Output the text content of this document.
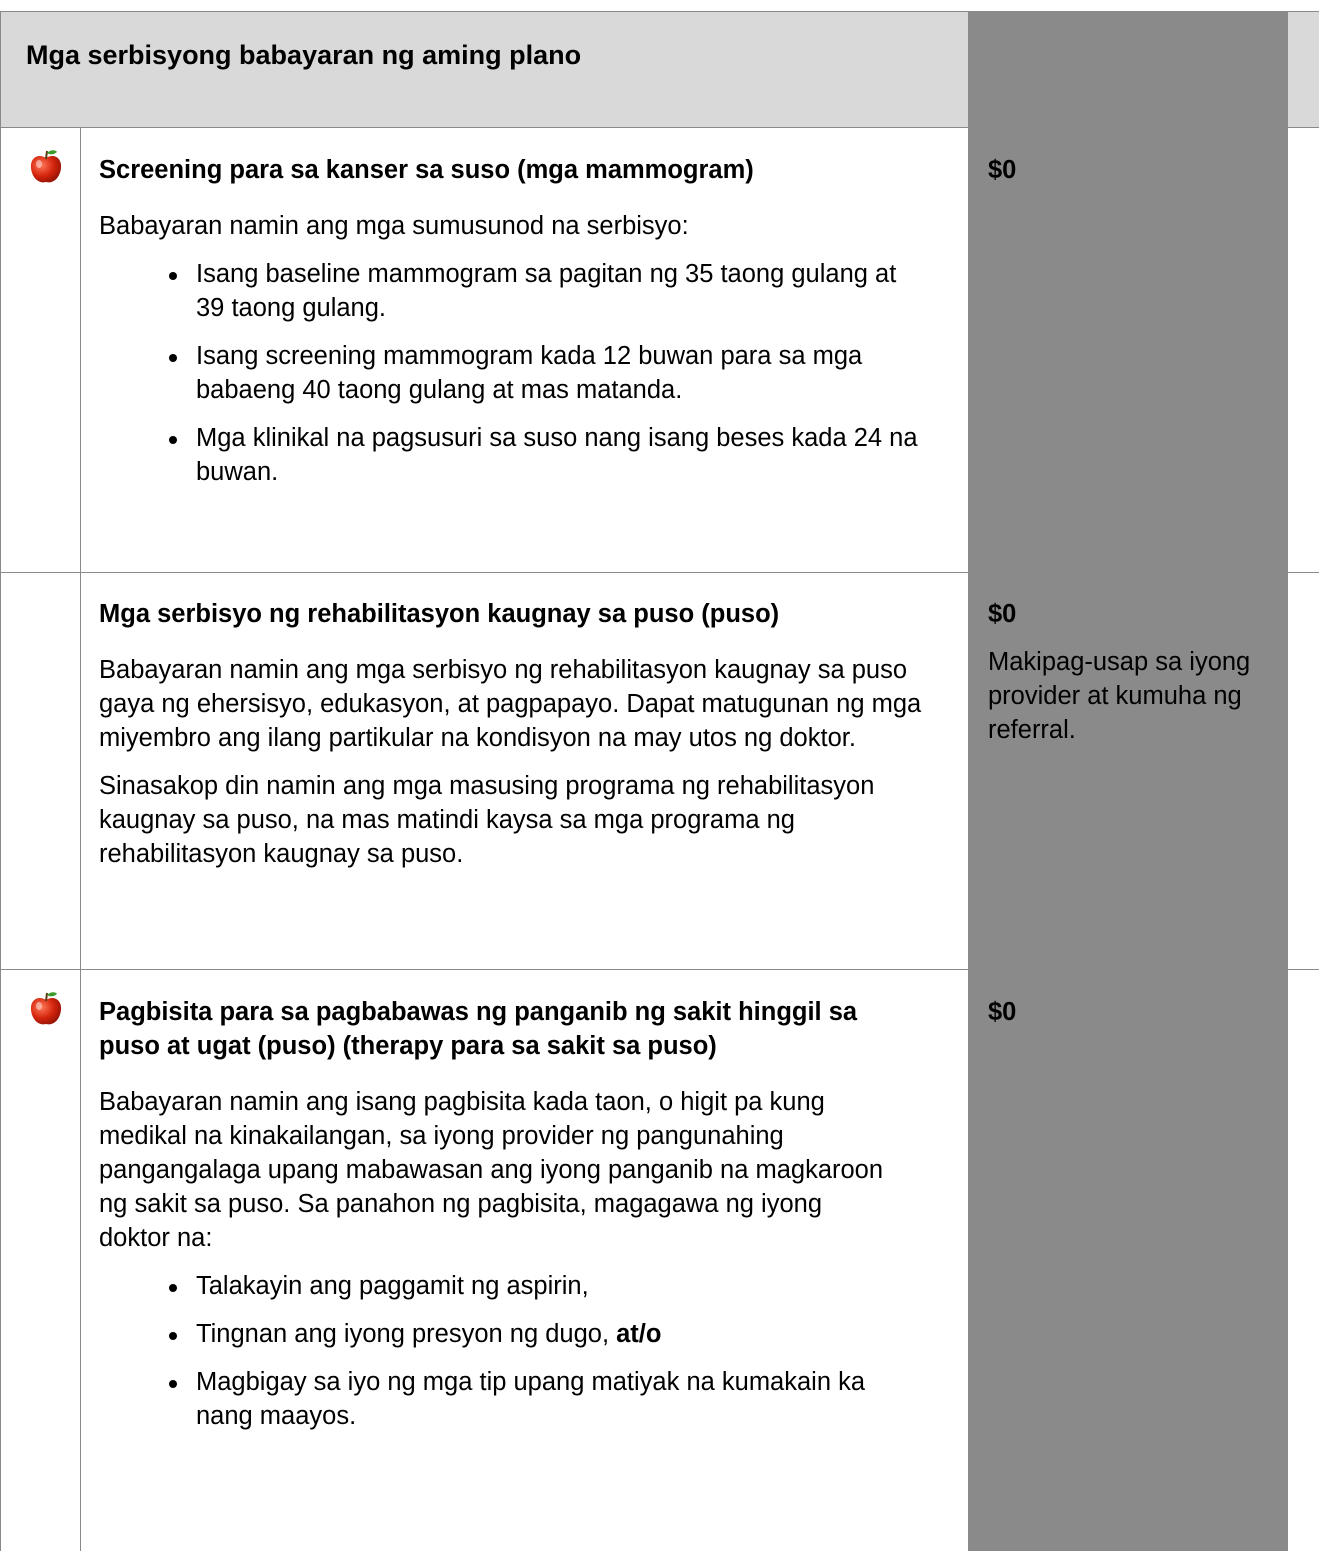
Mga serbisyong babayaran ng aming plano
Screening para sa kanser sa suso (mga mammogram)

Babayaran namin ang mga sumusunod na serbisyo:

Isang baseline mammogram sa pagitan ng 35 taong gulang at 39 taong gulang.
Isang screening mammogram kada 12 buwan para sa mga babaeng 40 taong gulang at mas matanda.
Mga klinikal na pagsusuri sa suso nang isang beses kada 24 na buwan.
$0
Mga serbisyo ng rehabilitasyon kaugnay sa puso (puso)

Babayaran namin ang mga serbisyo ng rehabilitasyon kaugnay sa puso gaya ng ehersisyo, edukasyon, at pagpapayo. Dapat matugunan ng mga miyembro ang ilang partikular na kondisyon na may utos ng doktor.

Sinasakop din namin ang mga masusing programa ng rehabilitasyon kaugnay sa puso, na mas matindi kaysa sa mga programa ng rehabilitasyon kaugnay sa puso.

$0

Makipag-usap sa iyong provider at kumuha ng referral.

Pagbisita para sa pagbabawas ng panganib ng sakit hinggil sa puso at ugat (puso) (therapy para sa sakit sa puso)

Babayaran namin ang isang pagbisita kada taon, o higit pa kung medikal na kinakailangan, sa iyong provider ng pangunahing pangangalaga upang mabawasan ang iyong panganib na magkaroon ng sakit sa puso. Sa panahon ng pagbisita, magagawa ng iyong doktor na:

Talakayin ang paggamit ng aspirin,
Tingnan ang iyong presyon ng dugo, at/o
Magbigay sa iyo ng mga tip upang matiyak na kumakain ka nang maayos.
$0
